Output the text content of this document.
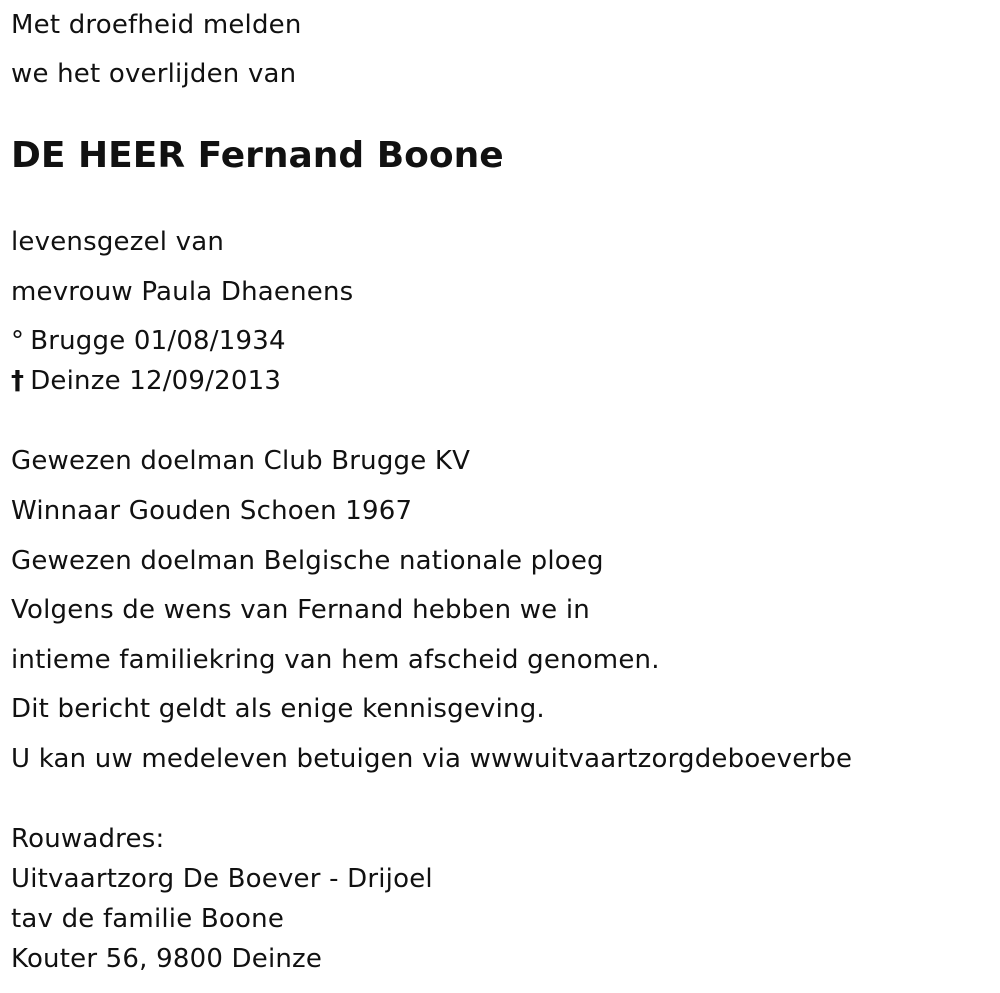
Met droefheid melden

we het overlijden van

DE HEER Fernand Boone

levensgezel van

mevrouw Paula Dhaenens

° Brugge 01/08/1934

† Deinze 12/09/2013

Gewezen doelman Club Brugge KV

Winnaar Gouden Schoen 1967

Gewezen doelman Belgische nationale ploeg

Volgens de wens van Fernand hebben we in

intieme familiekring van hem afscheid genomen.

Dit bericht geldt als enige kennisgeving.

U kan uw medeleven betuigen via wwwuitvaartzorgdeboeverbe

Rouwadres:

Uitvaartzorg De Boever - Drijoel

tav de familie Boone

Kouter 56, 9800 Deinze
